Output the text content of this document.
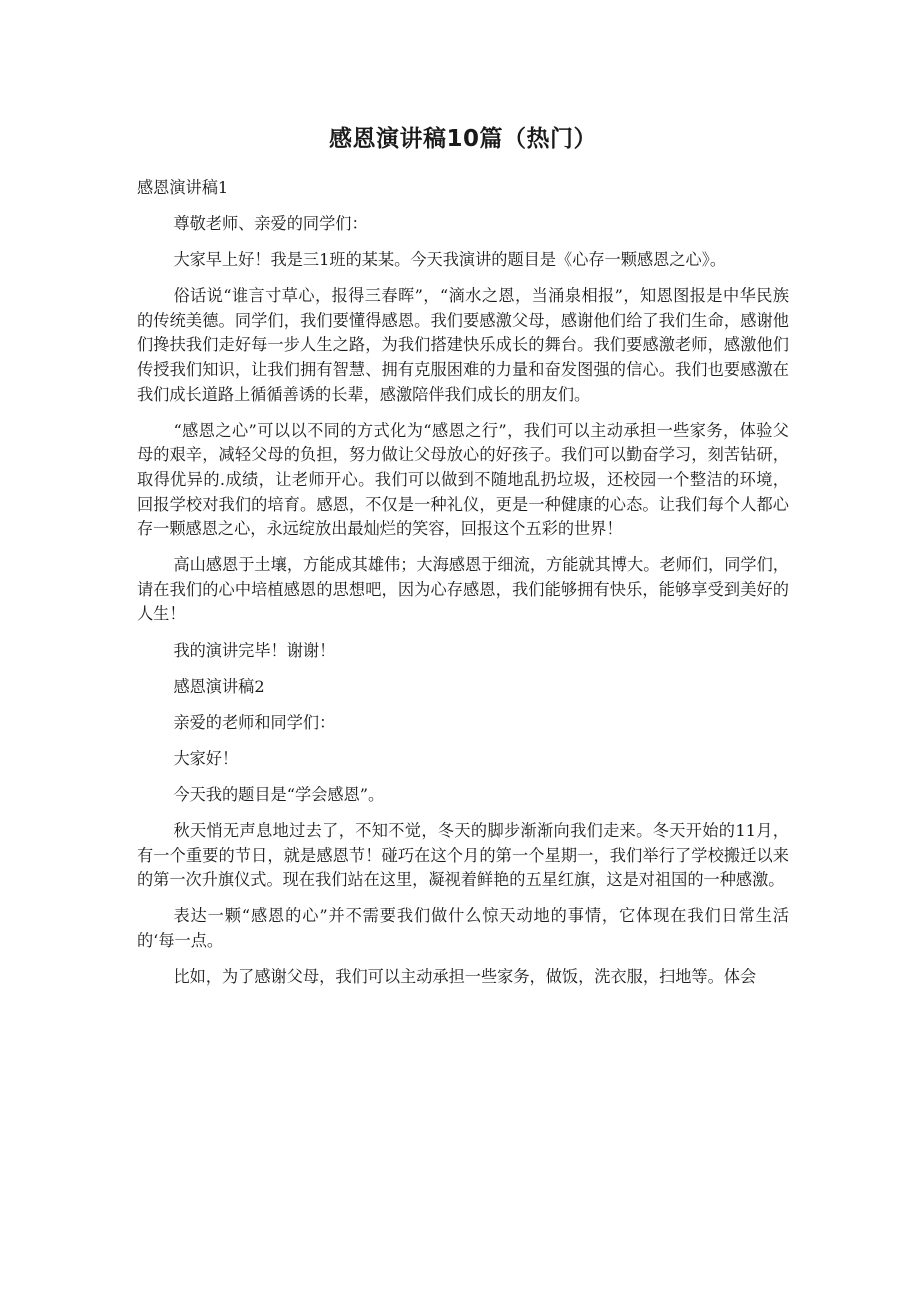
感恩演讲稿10篇（热门）

感恩演讲稿1

尊敬老师、亲爱的同学们：

大家早上好！我是三1班的某某。今天我演讲的题目是《心存一颗感恩之心》。

俗话说“谁言寸草心，报得三春晖”，“滴水之恩，当涌泉相报”，知恩图报是中华民族的传统美德。同学们，我们要懂得感恩。我们要感激父母，感谢他们给了我们生命，感谢他们搀扶我们走好每一步人生之路，为我们搭建快乐成长的舞台。我们要感激老师，感激他们传授我们知识，让我们拥有智慧、拥有克服困难的力量和奋发图强的信心。我们也要感激在我们成长道路上循循善诱的长辈，感激陪伴我们成长的朋友们。

“感恩之心”可以以不同的方式化为“感恩之行”，我们可以主动承担一些家务，体验父母的艰辛，减轻父母的负担，努力做让父母放心的好孩子。我们可以勤奋学习，刻苦钻研，取得优异的.成绩，让老师开心。我们可以做到不随地乱扔垃圾，还校园一个整洁的环境，回报学校对我们的培育。感恩，不仅是一种礼仪，更是一种健康的心态。让我们每个人都心存一颗感恩之心，永远绽放出最灿烂的笑容，回报这个五彩的世界！

高山感恩于土壤，方能成其雄伟；大海感恩于细流，方能就其博大。老师们，同学们，请在我们的心中培植感恩的思想吧，因为心存感恩，我们能够拥有快乐，能够享受到美好的人生！

我的演讲完毕！谢谢！

感恩演讲稿2

亲爱的老师和同学们：

大家好！

今天我的题目是“学会感恩”。

秋天悄无声息地过去了，不知不觉，冬天的脚步渐渐向我们走来。冬天开始的11月，有一个重要的节日，就是感恩节！碰巧在这个月的第一个星期一，我们举行了学校搬迁以来的第一次升旗仪式。现在我们站在这里，凝视着鲜艳的五星红旗，这是对祖国的一种感激。

表达一颗“感恩的心”并不需要我们做什么惊天动地的事情，它体现在我们日常生活的‘每一点。

比如，为了感谢父母，我们可以主动承担一些家务，做饭，洗衣服，扫地等。体会
